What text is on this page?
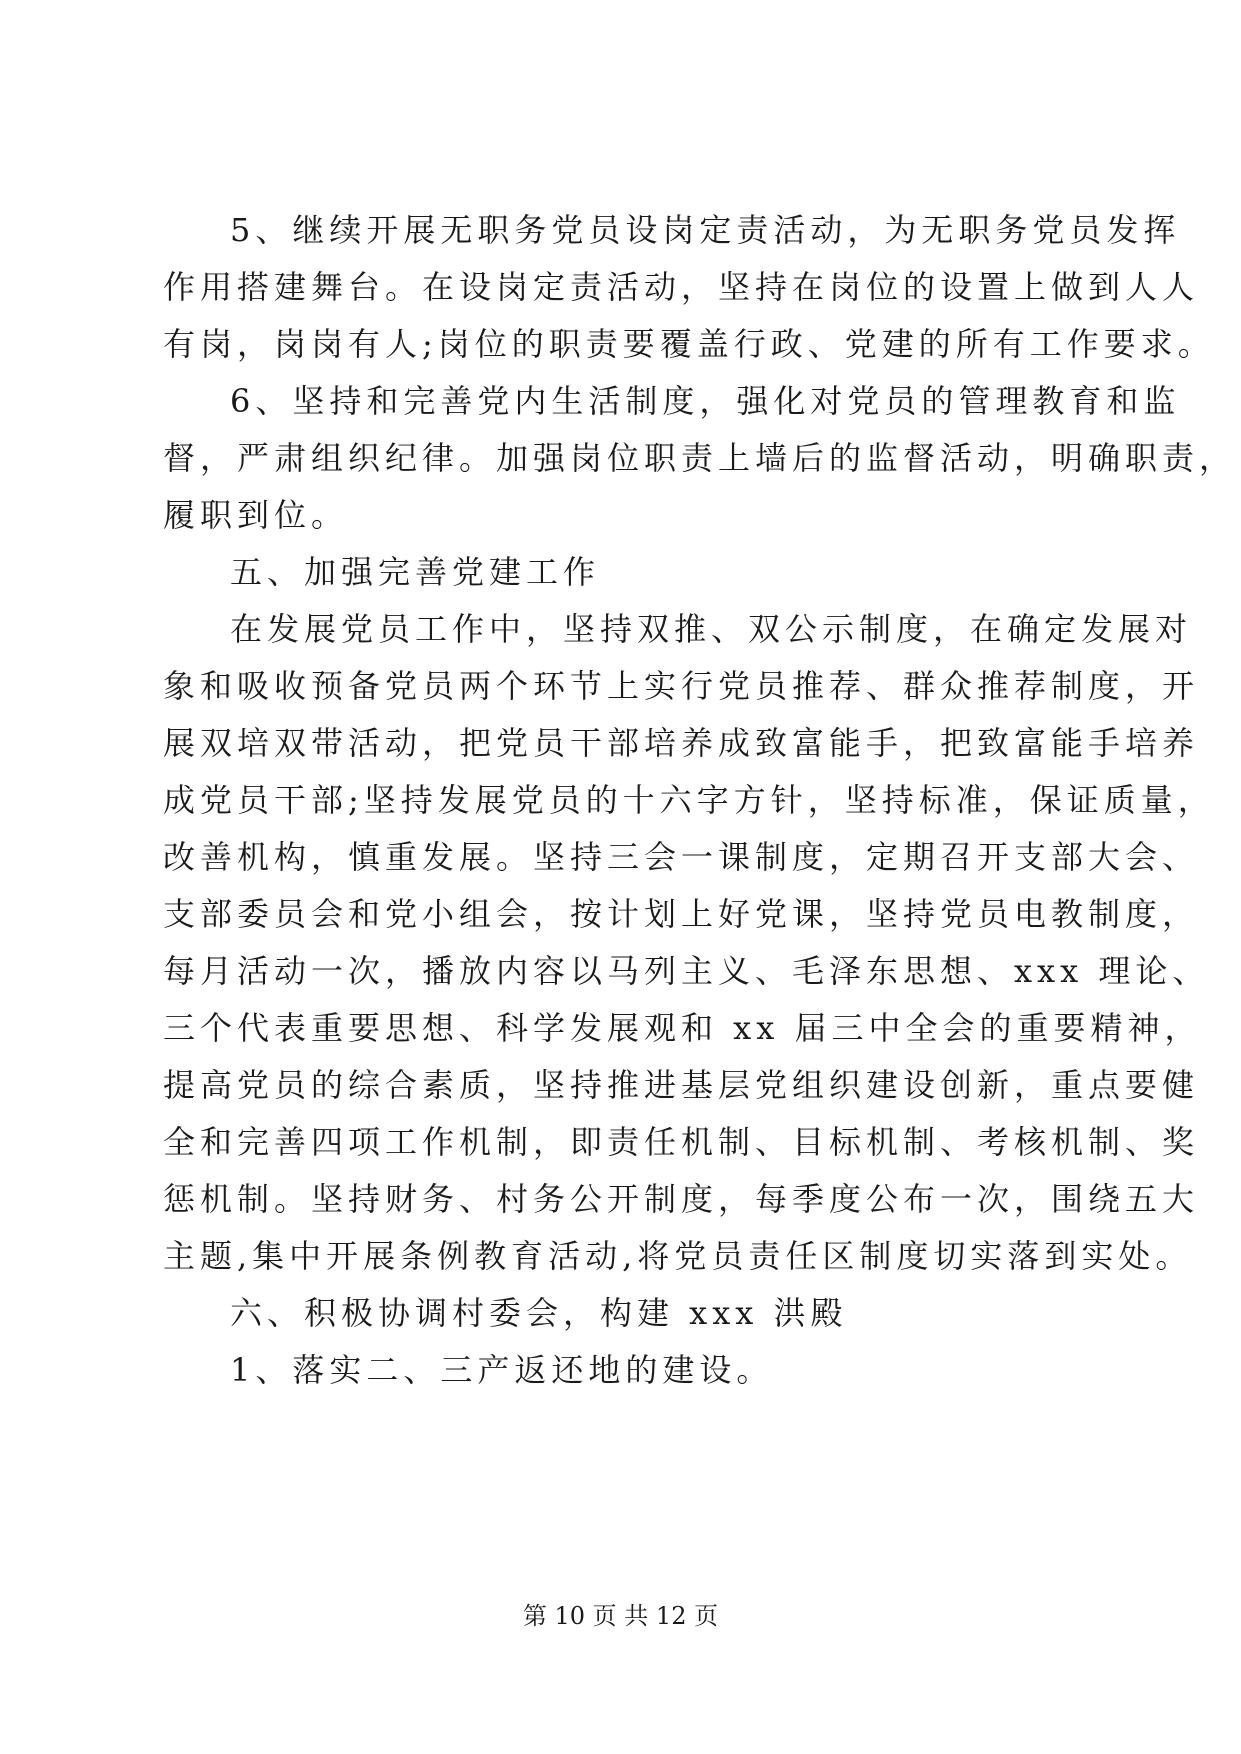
5、继续开展无职务党员设岗定责活动，为无职务党员发挥
作用搭建舞台。在设岗定责活动，坚持在岗位的设置上做到人人
有岗，岗岗有人;岗位的职责要覆盖行政、党建的所有工作要求。
6、坚持和完善党内生活制度，强化对党员的管理教育和监
督，严肃组织纪律。加强岗位职责上墙后的监督活动，明确职责，
履职到位。
五、加强完善党建工作
在发展党员工作中，坚持双推、双公示制度，在确定发展对
象和吸收预备党员两个环节上实行党员推荐、群众推荐制度，开
展双培双带活动，把党员干部培养成致富能手，把致富能手培养
成党员干部;坚持发展党员的十六字方针，坚持标准，保证质量，
改善机构，慎重发展。坚持三会一课制度，定期召开支部大会、
支部委员会和党小组会，按计划上好党课，坚持党员电教制度，
每月活动一次，播放内容以马列主义、毛泽东思想、xxx 理论、
三个代表重要思想、科学发展观和 xx 届三中全会的重要精神，
提高党员的综合素质，坚持推进基层党组织建设创新，重点要健
全和完善四项工作机制，即责任机制、目标机制、考核机制、奖
惩机制。坚持财务、村务公开制度，每季度公布一次，围绕五大
主题,集中开展条例教育活动,将党员责任区制度切实落到实处。
六、积极协调村委会，构建 xxx 洪殿
1、落实二、三产返还地的建设。
第 10 页 共 12 页
